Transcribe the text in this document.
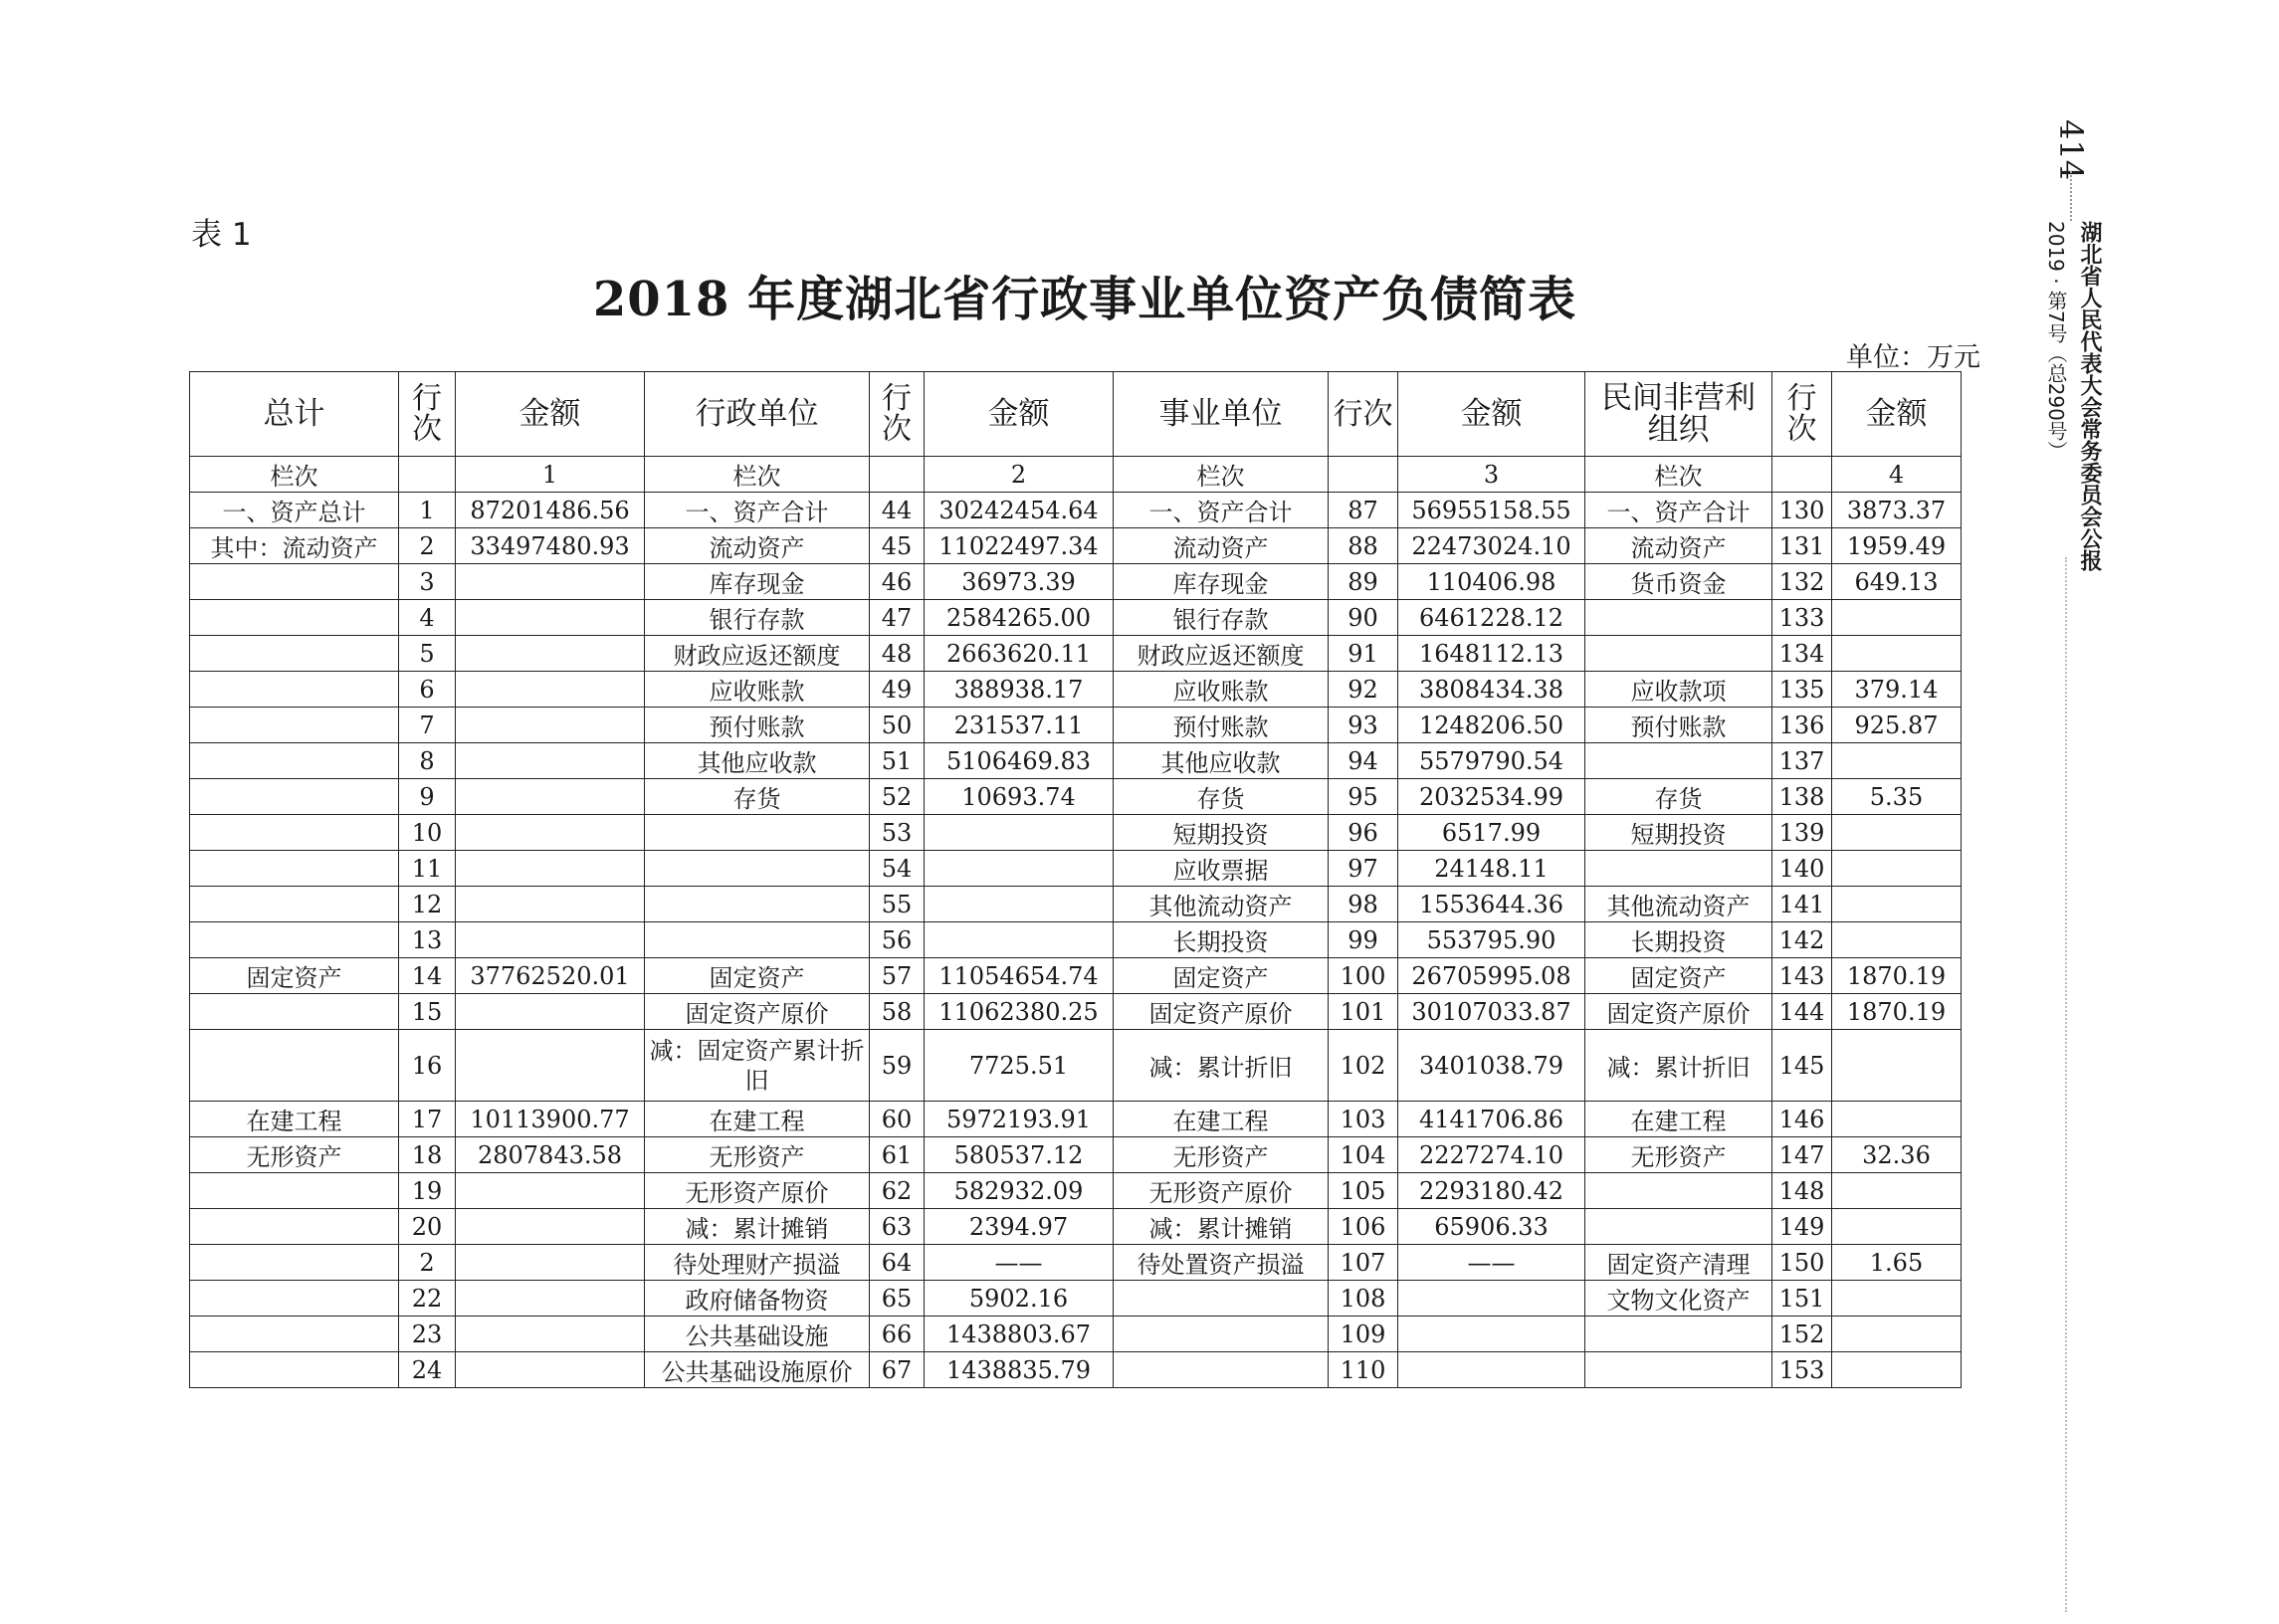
表 1
2018 年度湖北省行政事业单位资产负债简表
单位：万元
414
湖北省人民代表大会常务委员会公报
2019 · 第7号（总290号）
总计	行次	金额	行政单位	行次	金额	事业单位	行次	金额	民间非营利组织	行次	金额
栏次		1	栏次		2	栏次		3	栏次		4
一、资产总计	1	87201486.56	一、资产合计	44	30242454.64	一、资产合计	87	56955158.55	一、资产合计	130	3873.37
其中：流动资产	2	33497480.93	流动资产	45	11022497.34	流动资产	88	22473024.10	流动资产	131	1959.49
	3		库存现金	46	36973.39	库存现金	89	110406.98	货币资金	132	649.13
	4		银行存款	47	2584265.00	银行存款	90	6461228.12		133	
	5		财政应返还额度	48	2663620.11	财政应返还额度	91	1648112.13		134	
	6		应收账款	49	388938.17	应收账款	92	3808434.38	应收款项	135	379.14
	7		预付账款	50	231537.11	预付账款	93	1248206.50	预付账款	136	925.87
	8		其他应收款	51	5106469.83	其他应收款	94	5579790.54		137	
	9		存货	52	10693.74	存货	95	2032534.99	存货	138	5.35
	10			53		短期投资	96	6517.99	短期投资	139	
	11			54		应收票据	97	24148.11		140	
	12			55		其他流动资产	98	1553644.36	其他流动资产	141	
	13			56		长期投资	99	553795.90	长期投资	142	
固定资产	14	37762520.01	固定资产	57	11054654.74	固定资产	100	26705995.08	固定资产	143	1870.19
	15		固定资产原价	58	11062380.25	固定资产原价	101	30107033.87	固定资产原价	144	1870.19
	16		减：固定资产累计折旧	59	7725.51	减：累计折旧	102	3401038.79	减：累计折旧	145	
在建工程	17	10113900.77	在建工程	60	5972193.91	在建工程	103	4141706.86	在建工程	146	
无形资产	18	2807843.58	无形资产	61	580537.12	无形资产	104	2227274.10	无形资产	147	32.36
	19		无形资产原价	62	582932.09	无形资产原价	105	2293180.42		148	
	20		减：累计摊销	63	2394.97	减：累计摊销	106	65906.33		149	
	2		待处理财产损溢	64	——	待处置资产损溢	107	——	固定资产清理	150	1.65
	22		政府储备物资	65	5902.16		108		文物文化资产	151	
	23		公共基础设施	66	1438803.67		109			152	
	24		公共基础设施原价	67	1438835.79		110			153	
